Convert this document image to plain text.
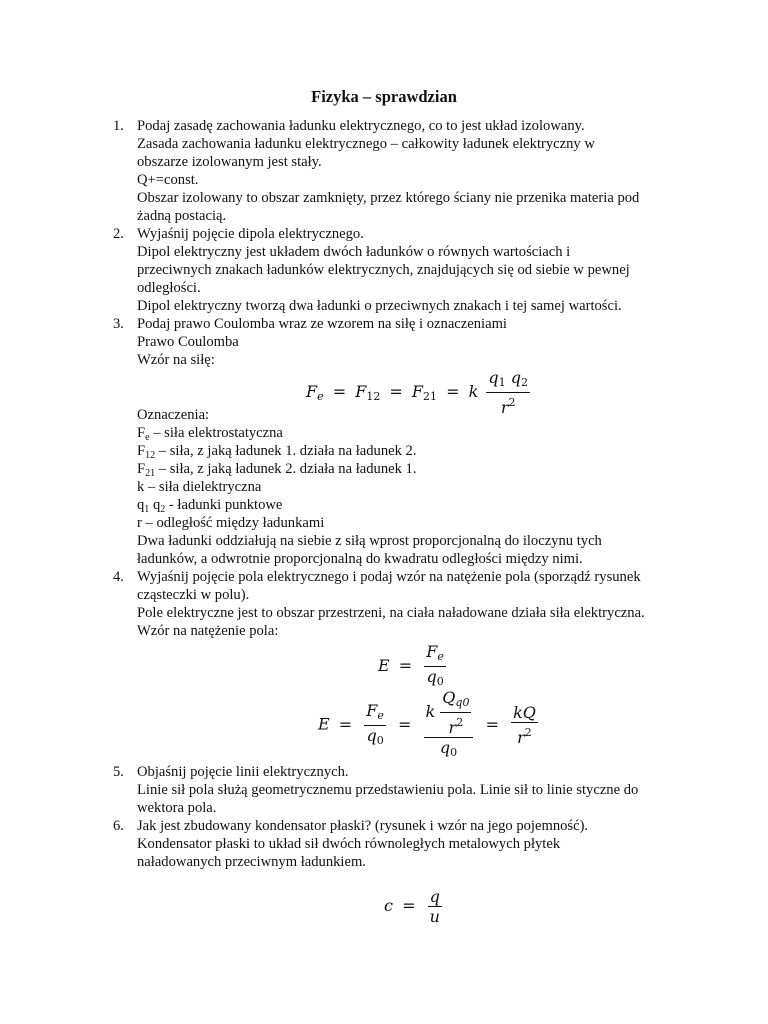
Fizyka – sprawdzian
1. Podaj zasadę zachowania ładunku elektrycznego, co to jest układ izolowany.
Zasada zachowania ładunku elektrycznego – całkowity ładunek elektryczny w
obszarze izolowanym jest stały.
Q+=const.
Obszar izolowany to obszar zamknięty, przez którego ściany nie przenika materia pod
żadną postacią.
2. Wyjaśnij pojęcie dipola elektrycznego.
Dipol elektryczny jest układem dwóch ładunków o równych wartościach i
przeciwnych znakach ładunków elektrycznych, znajdujących się od siebie w pewnej
odległości.
Dipol elektryczny tworzą dwa ładunki o przeciwnych znakach i tej samej wartości.
3. Podaj prawo Coulomba wraz ze wzorem na siłę i oznaczeniami
Prawo Coulomba
Wzór na siłę:
$Fe = F_{12} = F_{21} = k \frac{q_1 q_2}{r^2}$
Oznaczenia:
$F_e$ – siła elektrostatyczna
$F_{12}$ – siła, z jaką ładunek 1. działa na ładunek 2.
$F_{21}$ – siła, z jaką ładunek 2. działa na ładunek 1.
k – siła dielektryczna
$q_1$ $q_2$ - ładunki punktowe
r – odległość między ładunkami
Dwa ładunki oddziałują na siebie z siłą wprost proporcjonalną do iloczynu tych
ładunków, a odwrotnie proporcjonalną do kwadratu odległości między nimi.
4. Wyjaśnij pojęcie pola elektrycznego i podaj wzór na natężenie pola (sporządź rysunek
cząsteczki w polu).
Pole elektryczne jest to obszar przestrzeni, na ciała naładowane działa siła elektryczna.
Wzór na natężenie pola:
$E = \frac{Fe}{q_0}$
$E = \frac{Fe}{q_0} = \frac{k \frac{Qq0}{r^2}}{q_0} = \frac{kQ}{r^2}$
5. Objaśnij pojęcie linii elektrycznych.
Linie sił pola służą geometrycznemu przedstawieniu pola. Linie sił to linie styczne do
wektora pola.
6. Jak jest zbudowany kondensator płaski? (rysunek i wzór na jego pojemność).
Kondensator płaski to układ sił dwóch równoległych metalowych płytek
naładowanych przeciwnym ładunkiem.
$c = \frac{q}{u}$
